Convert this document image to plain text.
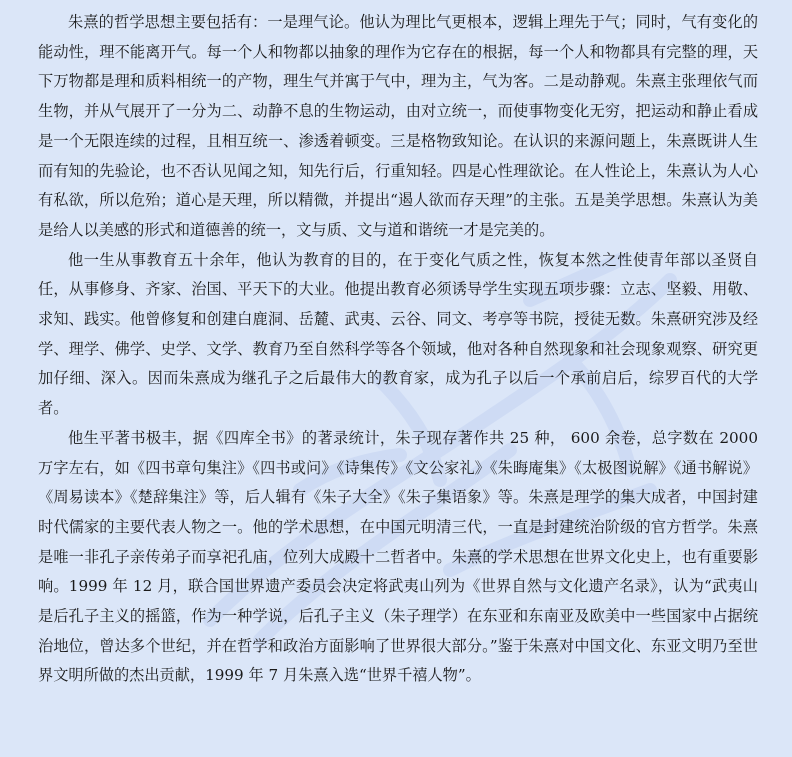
朱熹的哲学思想主要包括有：一是理气论。他认为理比气更根本，逻辑上理先于气；同时，气有变化的能动性，理不能离开气。每一个人和物都以抽象的理作为它存在的根据，每一个人和物都具有完整的理，天下万物都是理和质料相统一的产物，理生气并寓于气中，理为主，气为客。二是动静观。朱熹主张理依气而生物，并从气展开了一分为二、动静不息的生物运动，由对立统一，而使事物变化无穷，把运动和静止看成是一个无限连续的过程，且相互统一、渗透着顿变。三是格物致知论。在认识的来源问题上，朱熹既讲人生而有知的先验论，也不否认见闻之知，知先行后，行重知轻。四是心性理欲论。在人性论上，朱熹认为人心有私欲，所以危殆；道心是天理，所以精微，并提出“遏人欲而存天理”的主张。五是美学思想。朱熹认为美是给人以美感的形式和道德善的统一，文与质、文与道和谐统一才是完美的。

他一生从事教育五十余年，他认为教育的目的，在于变化气质之性，恢复本然之性使青年部以圣贤自任，从事修身、齐家、治国、平天下的大业。他提出教育必须诱导学生实现五项步骤：立志、坚毅、用敬、求知、践实。他曾修复和创建白鹿洞、岳麓、武夷、云谷、同文、考亭等书院，授徒无数。朱熹研究涉及经学、理学、佛学、史学、文学、教育乃至自然科学等各个领域，他对各种自然现象和社会现象观察、研究更加仔细、深入。因而朱熹成为继孔子之后最伟大的教育家，成为孔子以后一个承前启后，综罗百代的大学者。

他生平著书极丰，据《四库全书》的著录统计，朱子现存著作共 25 种， 600 余卷，总字数在 2000 万字左右，如《四书章句集注》《四书或问》《诗集传》《文公家礼》《朱晦庵集》《太极图说解》《通书解说》《周易读本》《楚辞集注》等，后人辑有《朱子大全》《朱子集语象》等。朱熹是理学的集大成者，中国封建时代儒家的主要代表人物之一。他的学术思想，在中国元明清三代，一直是封建统治阶级的官方哲学。朱熹是唯一非孔子亲传弟子而享祀孔庙，位列大成殿十二哲者中。朱熹的学术思想在世界文化史上，也有重要影响。1999 年 12 月，联合国世界遗产委员会决定将武夷山列为《世界自然与文化遗产名录》，认为“武夷山是后孔子主义的摇篮，作为一种学说，后孔子主义（朱子理学）在东亚和东南亚及欧美中一些国家中占据统治地位，曾达多个世纪，并在哲学和政治方面影响了世界很大部分。”鉴于朱熹对中国文化、东亚文明乃至世界文明所做的杰出贡献，1999 年 7 月朱熹入选“世界千禧人物”。
